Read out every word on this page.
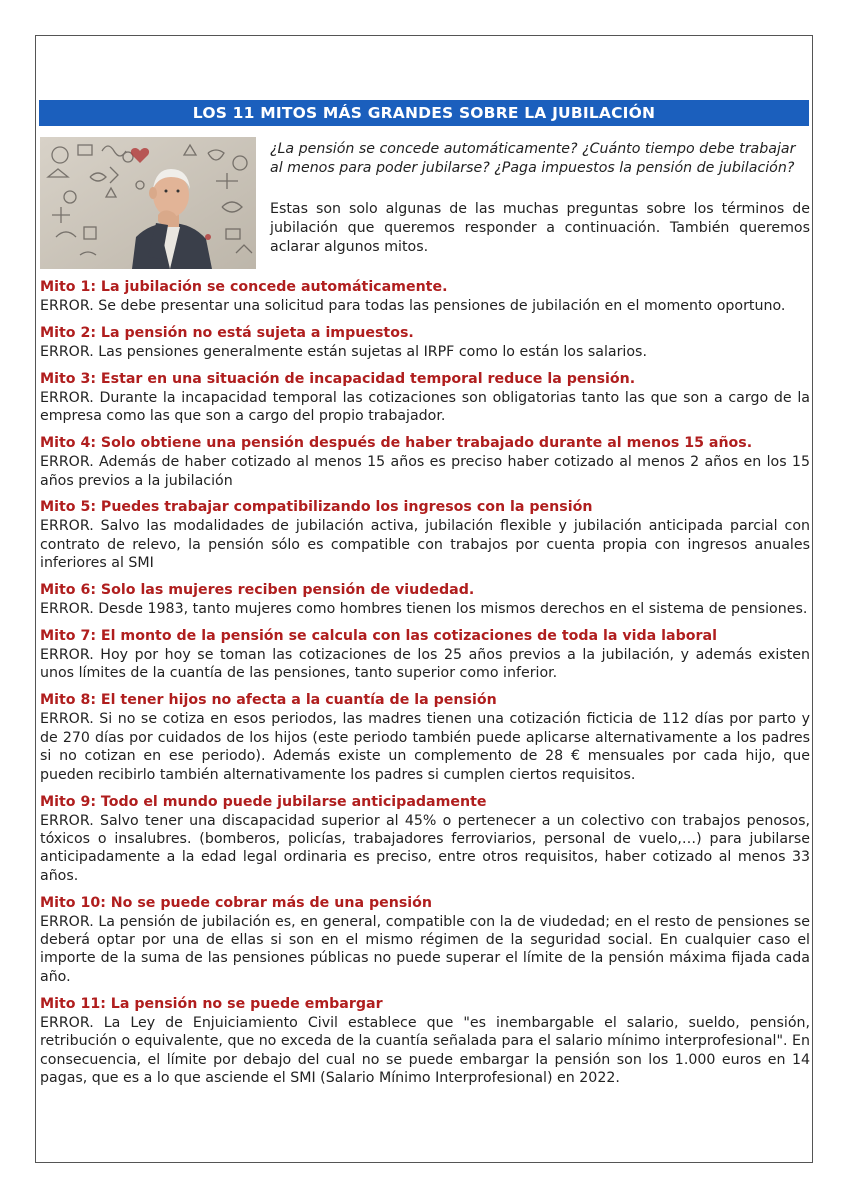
LOS 11 MITOS MÁS GRANDES SOBRE LA JUBILACIÓN

¿La pensión se concede automáticamente? ¿Cuánto tiempo debe trabajar al menos para poder jubilarse? ¿Paga impuestos la pensión de jubilación?

Estas son solo algunas de las muchas preguntas sobre los términos de jubilación que queremos responder a continuación. También queremos aclarar algunos mitos.

Mito 1: La jubilación se concede automáticamente.

ERROR. Se debe presentar una solicitud para todas las pensiones de jubilación en el momento oportuno.

Mito 2: La pensión no está sujeta a impuestos.

ERROR. Las pensiones generalmente están sujetas al IRPF como lo están los salarios.

Mito 3: Estar en una situación de incapacidad temporal reduce la pensión.

ERROR. Durante la incapacidad temporal las cotizaciones son obligatorias tanto las que son a cargo de la empresa como las que son a cargo del propio trabajador.

Mito 4: Solo obtiene una pensión después de haber trabajado durante al menos 15 años.

ERROR. Además de haber cotizado al menos 15 años es preciso haber cotizado al menos 2 años en los 15 años previos a la jubilación

Mito 5: Puedes trabajar compatibilizando los ingresos con la pensión

ERROR. Salvo las modalidades de jubilación activa, jubilación flexible y jubilación anticipada parcial con contrato de relevo, la pensión sólo es compatible con trabajos por cuenta propia con ingresos anuales inferiores al SMI

Mito 6: Solo las mujeres reciben pensión de viudedad.

ERROR. Desde 1983, tanto mujeres como hombres tienen los mismos derechos en el sistema de pensiones.

Mito 7: El monto de la pensión se calcula con las cotizaciones de toda la vida laboral

ERROR. Hoy por hoy se toman las cotizaciones de los 25 años previos a la jubilación, y además existen unos límites de la cuantía de las pensiones, tanto superior como inferior.

Mito 8: El tener hijos no afecta a la cuantía de la pensión

ERROR. Si no se cotiza en esos periodos, las madres tienen una cotización ficticia de 112 días por parto y de 270 días por cuidados de los hijos (este periodo también puede aplicarse alternativamente a los padres si no cotizan en ese periodo). Además existe un complemento de 28 € mensuales por cada hijo, que pueden recibirlo también alternativamente los padres si cumplen ciertos requisitos.

Mito 9: Todo el mundo puede jubilarse anticipadamente

ERROR. Salvo tener una discapacidad superior al 45% o pertenecer a un colectivo con trabajos penosos, tóxicos o insalubres. (bomberos, policías, trabajadores ferroviarios, personal de vuelo,…) para jubilarse anticipadamente a la edad legal ordinaria es preciso, entre otros requisitos, haber cotizado al menos 33 años.

Mito 10: No se puede cobrar más de una pensión

ERROR. La pensión de jubilación es, en general, compatible con la de viudedad; en el resto de pensiones se deberá optar por una de ellas si son en el mismo régimen de la seguridad social. En cualquier caso el importe de la suma de las pensiones públicas no puede superar el límite de la pensión máxima fijada cada año.

Mito 11: La pensión no se puede embargar

ERROR. La Ley de Enjuiciamiento Civil establece que "es inembargable el salario, sueldo, pensión, retribución o equivalente, que no exceda de la cuantía señalada para el salario mínimo interprofesional". En consecuencia, el límite por debajo del cual no se puede embargar la pensión son los 1.000 euros en 14 pagas, que es a lo que asciende el SMI (Salario Mínimo Interprofesional) en 2022.
